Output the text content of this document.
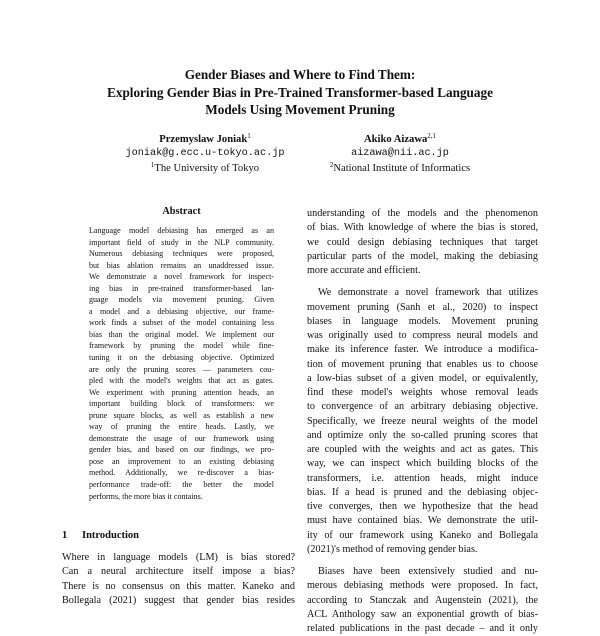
Gender Biases and Where to Find Them:
Exploring Gender Bias in Pre-Trained Transformer-based Language
Models Using Movement Pruning
Przemyslaw Joniak$^1$
joniak@g.ecc.u-tokyo.ac.jp
$^1$The University of Tokyo
Akiko Aizawa$^{2,1}$
aizawa@nii.ac.jp
$^2$National Institute of Informatics
Abstract
Language model debiasing has emerged as an
important field of study in the NLP community.
Numerous debiasing techniques were proposed,
but bias ablation remains an unaddressed issue.
We demonstrate a novel framework for inspect-
ing bias in pre-trained transformer-based lan-
guage models via movement pruning. Given
a model and a debiasing objective, our frame-
work finds a subset of the model containing less
bias than the original model. We implement our
framework by pruning the model while fine-
tuning it on the debiasing objective. Optimized
are only the pruning scores — parameters cou-
pled with the model's weights that act as gates.
We experiment with pruning attention heads, an
important building block of transformers: we
prune square blocks, as well as establish a new
way of pruning the entire heads. Lastly, we
demonstrate the usage of our framework using
gender bias, and based on our findings, we pro-
pose an improvement to an existing debiasing
method. Additionally, we re-discover a bias-
performance trade-off: the better the model
performs, the more bias it contains.
1 Introduction
Where in language models (LM) is bias stored?
Can a neural architecture itself impose a bias?
There is no consensus on this matter. Kaneko and
Bollegala (2021) suggest that gender bias resides
understanding of the models and the phenomenon
of bias. With knowledge of where the bias is stored,
we could design debiasing techniques that target
particular parts of the model, making the debiasing
more accurate and efficient.
We demonstrate a novel framework that utilizes
movement pruning (Sanh et al., 2020) to inspect
biases in language models. Movement pruning
was originally used to compress neural models and
make its inference faster. We introduce a modifica-
tion of movement pruning that enables us to choose
a low-bias subset of a given model, or equivalently,
find these model's weights whose removal leads
to convergence of an arbitrary debiasing objective.
Specifically, we freeze neural weights of the model
and optimize only the so-called pruning scores that
are coupled with the weights and act as gates. This
way, we can inspect which building blocks of the
transformers, i.e. attention heads, might induce
bias. If a head is pruned and the debiasing objec-
tive converges, then we hypothesize that the head
must have contained bias. We demonstrate the util-
ity of our framework using Kaneko and Bollegala
(2021)'s method of removing gender bias.
Biases have been extensively studied and nu-
merous debiasing methods were proposed. In fact,
according to Stanczak and Augenstein (2021), the
ACL Anthology saw an exponential growth of bias-
related publications in the past decade – and it only
